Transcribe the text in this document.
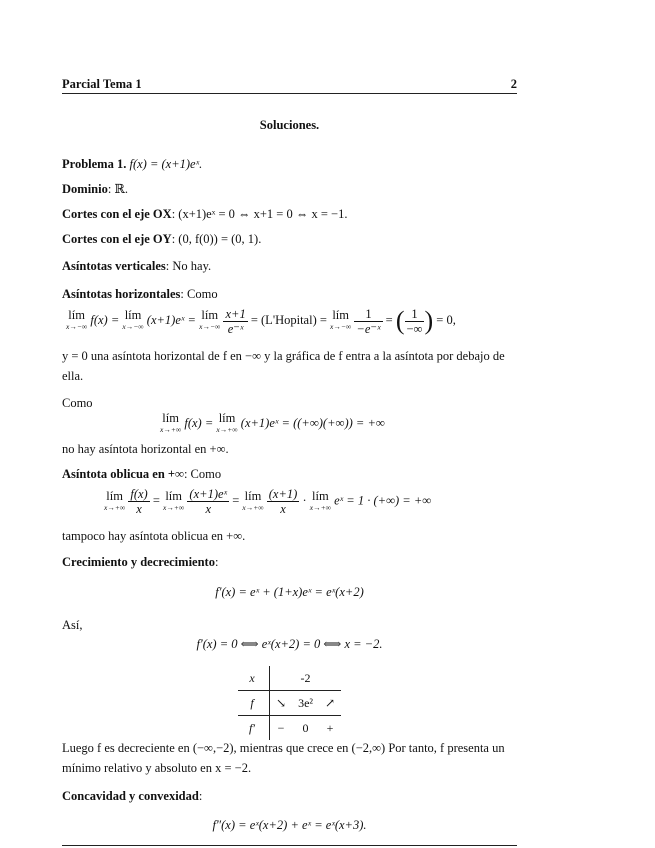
Parcial Tema 1	2
Soluciones.
Problema 1. f(x) = (x+1)eˣ.
Dominio: ℝ.
Cortes con el eje OX: (x+1)eˣ = 0 ⇔ x+1 = 0 ⇔ x = −1.
Cortes con el eje OY: (0, f(0)) = (0, 1).
Asíntotas verticales: No hay.
Asíntotas horizontales: Como
lím
x→−∞ f(x) = lím
x→−∞ (x+1)eˣ = lím
x→−∞
$\frac{x+1}{\text{e⁻ˣ}}$ = (L'Hopital) = lím
x→−∞
$\frac{1}{\text{−e⁻ˣ}}$ = ( $\frac{1}{-\infty}$ ) = 0,
y = 0 una asíntota horizontal de f en −∞ y la gráfica de f entra a la asíntota por debajo de ella.
Como
lím
x→+∞ f(x) = lím
x→+∞ (x+1)eˣ = ((+∞)(+∞)) = +∞
no hay asíntota horizontal en +∞.
Asíntota oblicua en +∞: Como
lím
x→+∞
$\frac{f(x)}{x}$ = lím
x→+∞
$\frac{\text{(x+1)eˣ}}{x}$ = lím
x→+∞
$\frac{(x+1)}{x}$ · lím
x→+∞ eˣ = 1 · (+∞) = +∞
tampoco hay asíntota oblicua en +∞.
Crecimiento y decrecimiento:
f′(x) = eˣ + (1+x)eˣ = eˣ(x+2)
Así,
f′(x) = 0 ⟺ eˣ(x+2) = 0 ⟺ x = −2.
x		-2	
f	↘	3e²	↗
f′	−	0	+
Luego f es decreciente en (−∞,−2), mientras que crece en (−2,∞) Por tanto, f presenta un mínimo relativo y absoluto en x = −2.
Concavidad y convexidad:
f″(x) = eˣ(x+2) + eˣ = eˣ(x+3).
